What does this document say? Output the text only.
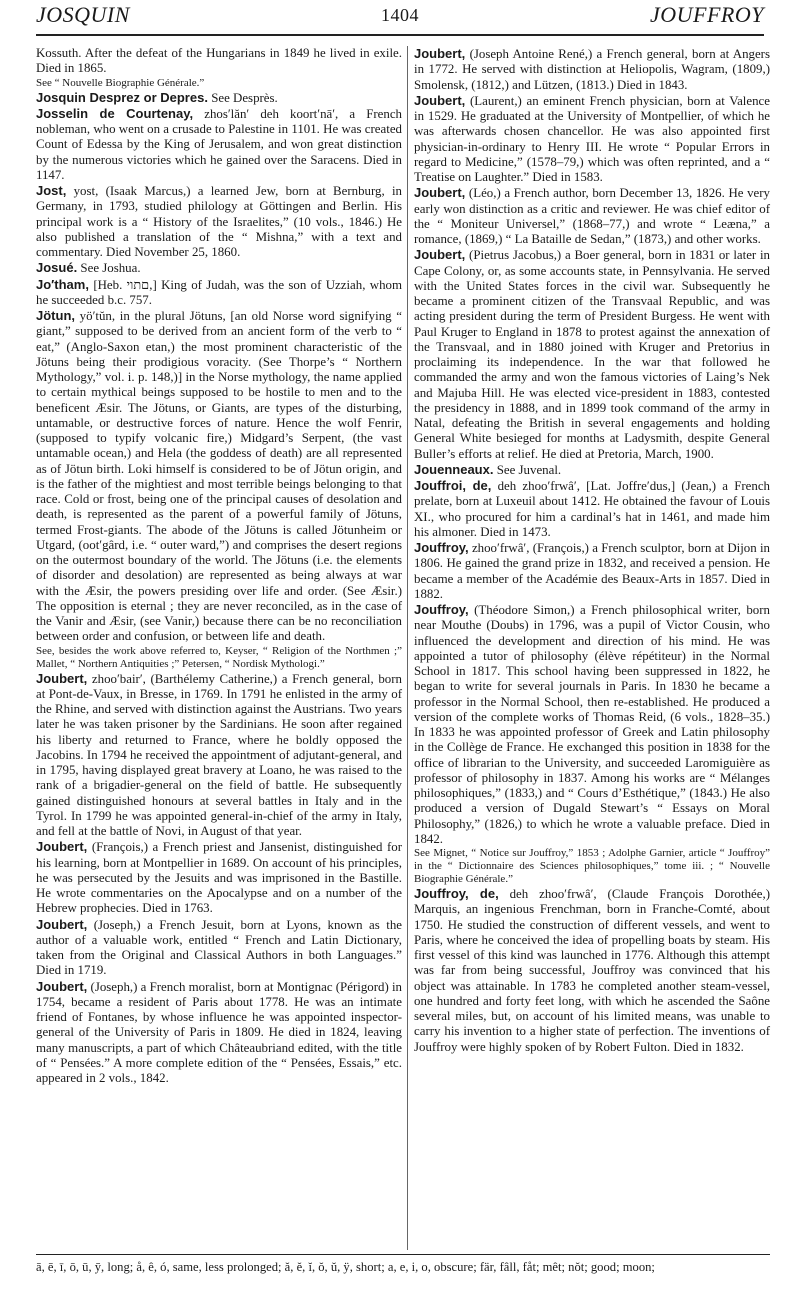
JOSQUIN	1404	JOUFFROY

Kossuth. After the defeat of the Hungarians in 1849 he lived in exile. Died in 1865.

See “ Nouvelle Biographie Générale.”

Josquin Desprez or Depres. See Desprès.

Josselin de Courtenay, zhos′lăn′ deh koort′nā′, a French nobleman, who went on a crusade to Palestine in 1101. He was created Count of Edessa by the King of Jerusalem, and won great distinction by the numerous victories which he gained over the Saracens. Died in 1147.

Jost, yost, (Isaak Marcus,) a learned Jew, born at Bernburg, in Germany, in 1793, studied philology at Göttingen and Berlin. His principal work is a “ History of the Israelites,” (10 vols., 1846.) He also published a translation of the “ Mishna,” with a text and commentary. Died November 25, 1860.

Josué. See Joshua.

Jo′tham, [Heb. םתוי,] King of Judah, was the son of Uzziah, whom he succeeded b.c. 757.

Jötun, yö′tŭn, in the plural Jötuns, [an old Norse word signifying “ giant,” supposed to be derived from an ancient form of the verb to “ eat,” (Anglo-Saxon etan,) the most prominent characteristic of the Jötuns being their prodigious voracity. (See Thorpe’s “ Northern Mythology,” vol. i. p. 148,)] in the Norse mythology, the name applied to certain mythical beings supposed to be hostile to men and to the beneficent Æsir. The Jötuns, or Giants, are types of the disturbing, untamable, or destructive forces of nature. Hence the wolf Fenrir, (supposed to typify volcanic fire,) Midgard’s Serpent, (the vast untamable ocean,) and Hela (the goddess of death) are all represented as of Jötun birth. Loki himself is considered to be of Jötun origin, and is the father of the mightiest and most terrible beings belonging to that race. Cold or frost, being one of the principal causes of desolation and death, is represented as the parent of a powerful family of Jötuns, termed Frost-giants. The abode of the Jötuns is called Jötunheim or Utgard, (oot′gârd, i.e. “ outer ward,”) and comprises the desert regions on the outermost boundary of the world. The Jötuns (i.e. the elements of disorder and desolation) are represented as being always at war with the Æsir, the powers presiding over life and order. (See Æsir.) The opposition is eternal ; they are never reconciled, as in the case of the Vanir and Æsir, (see Vanir,) because there can be no reconciliation between order and confusion, or between life and death.

See, besides the work above referred to, Keyser, “ Religion of the Northmen ;” Mallet, “ Northern Antiquities ;” Petersen, “ Nordisk Mythologi.”

Joubert, zhoo′bair′, (Barthélemy Catherine,) a French general, born at Pont-de-Vaux, in Bresse, in 1769. In 1791 he enlisted in the army of the Rhine, and served with distinction against the Austrians. Two years later he was taken prisoner by the Sardinians. He soon after regained his liberty and returned to France, where he boldly opposed the Jacobins. In 1794 he received the appointment of adjutant-general, and in 1795, having displayed great bravery at Loano, he was raised to the rank of a brigadier-general on the field of battle. He subsequently gained distinguished honours at several battles in Italy and in the Tyrol. In 1799 he was appointed general-in-chief of the army in Italy, and fell at the battle of Novi, in August of that year.

Joubert, (François,) a French priest and Jansenist, distinguished for his learning, born at Montpellier in 1689. On account of his principles, he was persecuted by the Jesuits and was imprisoned in the Bastille. He wrote commentaries on the Apocalypse and on a number of the Hebrew prophecies. Died in 1763.

Joubert, (Joseph,) a French Jesuit, born at Lyons, known as the author of a valuable work, entitled “ French and Latin Dictionary, taken from the Original and Classical Authors in both Languages.” Died in 1719.

Joubert, (Joseph,) a French moralist, born at Montignac (Périgord) in 1754, became a resident of Paris about 1778. He was an intimate friend of Fontanes, by whose influence he was appointed inspector-general of the University of Paris in 1809. He died in 1824, leaving many manuscripts, a part of which Châteaubriand edited, with the title of “ Pensées.” A more complete edition of the “ Pensées, Essais,” etc. appeared in 2 vols., 1842.

Joubert, (Joseph Antoine René,) a French general, born at Angers in 1772. He served with distinction at Heliopolis, Wagram, (1809,) Smolensk, (1812,) and Lützen, (1813.) Died in 1843.

Joubert, (Laurent,) an eminent French physician, born at Valence in 1529. He graduated at the University of Montpellier, of which he was afterwards chosen chancellor. He was also appointed first physician-in-ordinary to Henry III. He wrote “ Popular Errors in regard to Medicine,” (1578–79,) which was often reprinted, and a “ Treatise on Laughter.” Died in 1583.

Joubert, (Léo,) a French author, born December 13, 1826. He very early won distinction as a critic and reviewer. He was chief editor of the “ Moniteur Universel,” (1868–77,) and wrote “ Leæna,” a romance, (1869,) “ La Bataille de Sedan,” (1873,) and other works.

Joubert, (Pietrus Jacobus,) a Boer general, born in 1831 or later in Cape Colony, or, as some accounts state, in Pennsylvania. He served with the United States forces in the civil war. Subsequently he became a prominent citizen of the Transvaal Republic, and was acting president during the term of President Burgess. He went with Paul Kruger to England in 1878 to protest against the annexation of the Transvaal, and in 1880 joined with Kruger and Pretorius in proclaiming its independence. In the war that followed he commanded the army and won the famous victories of Laing’s Nek and Majuba Hill. He was elected vice-president in 1883, contested the presidency in 1888, and in 1899 took command of the army in Natal, defeating the British in several engagements and holding General White besieged for months at Ladysmith, despite General Buller’s efforts at relief. He died at Pretoria, March, 1900.

Jouenneaux. See Juvenal.

Jouffroi, de, deh zhoo′frwâ′, [Lat. Joffre′dus,] (Jean,) a French prelate, born at Luxeuil about 1412. He obtained the favour of Louis XI., who procured for him a cardinal’s hat in 1461, and made him his almoner. Died in 1473.

Jouffroy, zhoo′frwâ′, (François,) a French sculptor, born at Dijon in 1806. He gained the grand prize in 1832, and received a pension. He became a member of the Académie des Beaux-Arts in 1857. Died in 1882.

Jouffroy, (Théodore Simon,) a French philosophical writer, born near Mouthe (Doubs) in 1796, was a pupil of Victor Cousin, who influenced the development and direction of his mind. He was appointed a tutor of philosophy (élève répétiteur) in the Normal School in 1817. This school having been suppressed in 1822, he began to write for several journals in Paris. In 1830 he became a professor in the Normal School, then re-established. He produced a version of the complete works of Thomas Reid, (6 vols., 1828–35.) In 1833 he was appointed professor of Greek and Latin philosophy in the Collège de France. He exchanged this position in 1838 for the office of librarian to the University, and succeeded Laromiguière as professor of philosophy in 1837. Among his works are “ Mélanges philosophiques,” (1833,) and “ Cours d’Esthétique,” (1843.) He also produced a version of Dugald Stewart’s “ Essays on Moral Philosophy,” (1826,) to which he wrote a valuable preface. Died in 1842.

See Mignet, “ Notice sur Jouffroy,” 1853 ; Adolphe Garnier, article “ Jouffroy” in the “ Dictionnaire des Sciences philosophiques,” tome iii. ; “ Nouvelle Biographie Générale.”

Jouffroy, de, deh zhoo′frwâ′, (Claude François Dorothée,) Marquis, an ingenious Frenchman, born in Franche-Comté, about 1750. He studied the construction of different vessels, and went to Paris, where he conceived the idea of propelling boats by steam. His first vessel of this kind was launched in 1776. Although this attempt was far from being successful, Jouffroy was convinced that his object was attainable. In 1783 he completed another steam-vessel, one hundred and forty feet long, with which he ascended the Saône several miles, but, on account of his limited means, was unable to carry his invention to a higher state of perfection. The inventions of Jouffroy were highly spoken of by Robert Fulton. Died in 1832.

ā, ē, ī, ō, ū, ȳ, long; å, ê, ó, same, less prolonged; ă, ĕ, ĭ, ŏ, ŭ, ÿ, short; a, e, i, o, obscure; fär, fâll, fåt; mêt; nŏt; good; moon;
